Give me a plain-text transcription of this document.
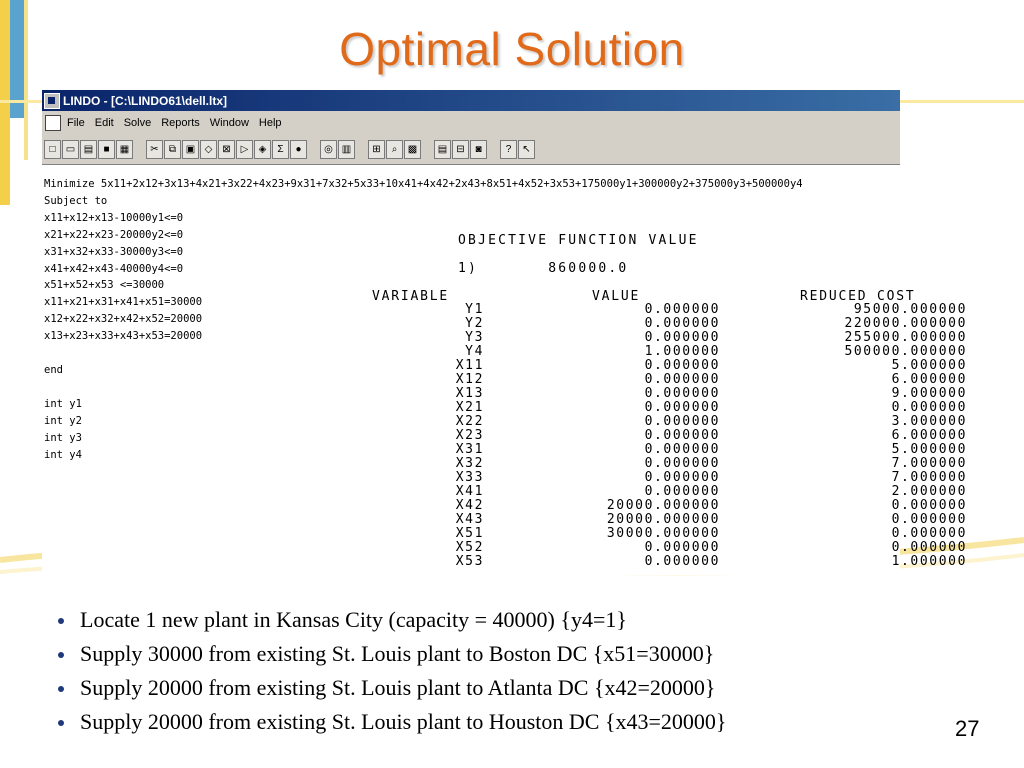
Optimal Solution
LINDO - [C:\LINDO61\dell.ltx]
File Edit Solve Reports Window Help
□	▭ ▤	■	▦	✂	⧉ ▣ ◇ ⊠ ▷	◈	Σ	●	◎ ▥	⊞	⌕	▩	▤ ⊟	◙	?	↖
Minimize 5x11+2x12+3x13+4x21+3x22+4x23+9x31+7x32+5x33+10x41+4x42+2x43+8x51+4x52+3x53+175000y1+300000y2+375000y3+500000y4
Subject to
x11+x12+x13-10000y1<=0
x21+x22+x23-20000y2<=0
x31+x32+x33-30000y3<=0
x41+x42+x43-40000y4<=0
x51+x52+x53 <=30000
x11+x21+x31+x41+x51=30000
x12+x22+x32+x42+x52=20000
x13+x23+x33+x43+x53=20000

end

int y1
int y2
int y3
int y4
OBJECTIVE FUNCTION VALUE
1)       860000.0
VARIABLE	VALUE	REDUCED COST
Y1	0.000000	95000.000000
Y2	0.000000	220000.000000
Y3	0.000000	255000.000000
Y4	1.000000	500000.000000
X11	0.000000	5.000000
X12	0.000000	6.000000
X13	0.000000	9.000000
X21	0.000000	0.000000
X22	0.000000	3.000000
X23	0.000000	6.000000
X31	0.000000	5.000000
X32	0.000000	7.000000
X33	0.000000	7.000000
X41	0.000000	2.000000
X42	20000.000000	0.000000
X43	20000.000000	0.000000
X51	30000.000000	0.000000
X52	0.000000	0.000000
X53	0.000000	1.000000
Locate 1 new plant in Kansas City (capacity = 40000) {y4=1}
Supply 30000 from existing St. Louis plant to Boston DC {x51=30000}
Supply 20000 from existing St. Louis plant to Atlanta DC {x42=20000}
Supply 20000 from existing St. Louis plant to Houston DC {x43=20000}	27
